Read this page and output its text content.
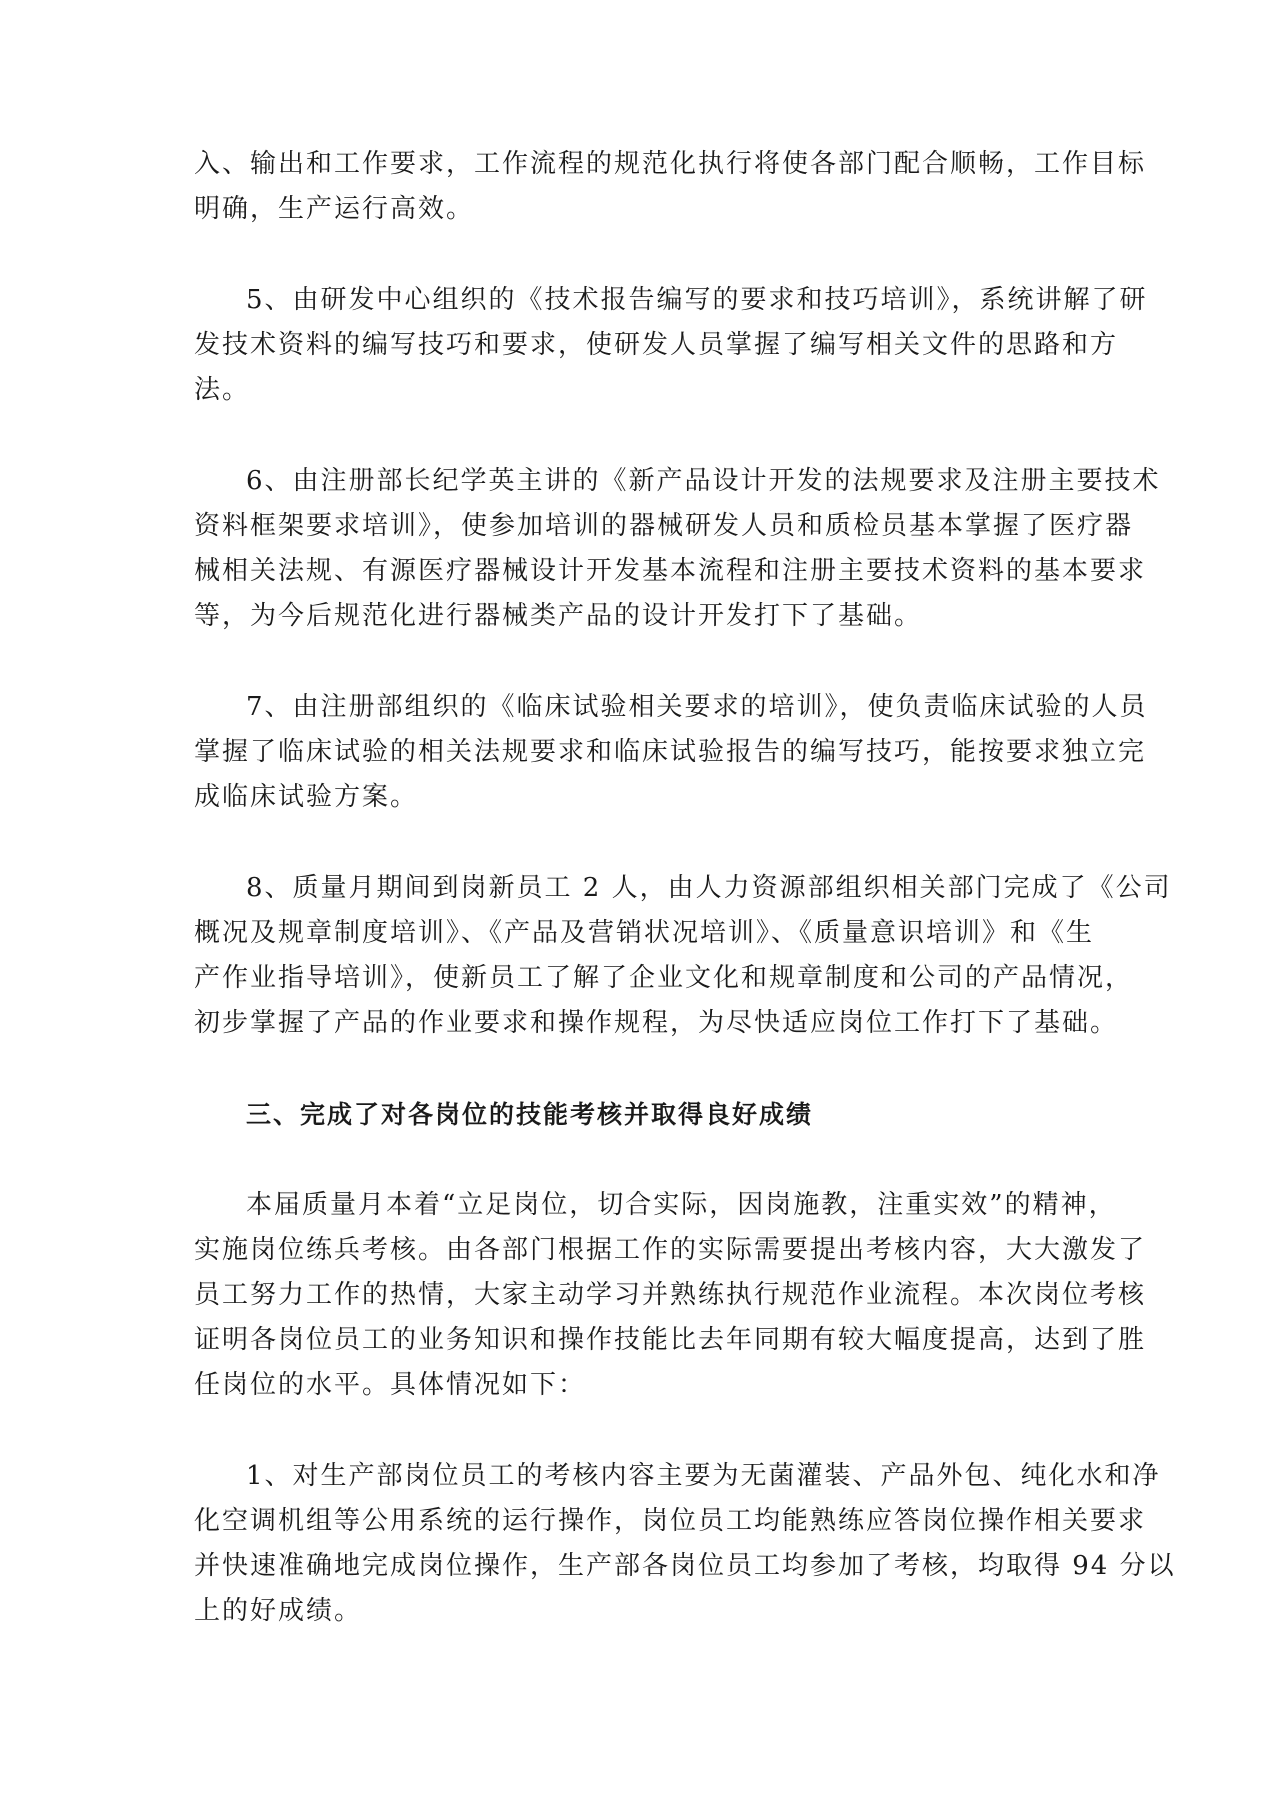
入、输出和工作要求，工作流程的规范化执行将使各部门配合顺畅，工作目标
明确，生产运行高效。

5、由研发中心组织的《技术报告编写的要求和技巧培训》，系统讲解了研
发技术资料的编写技巧和要求，使研发人员掌握了编写相关文件的思路和方
法。

6、由注册部长纪学英主讲的《新产品设计开发的法规要求及注册主要技术
资料框架要求培训》，使参加培训的器械研发人员和质检员基本掌握了医疗器
械相关法规、有源医疗器械设计开发基本流程和注册主要技术资料的基本要求
等，为今后规范化进行器械类产品的设计开发打下了基础。

7、由注册部组织的《临床试验相关要求的培训》，使负责临床试验的人员
掌握了临床试验的相关法规要求和临床试验报告的编写技巧，能按要求独立完
成临床试验方案。

8、质量月期间到岗新员工 2 人，由人力资源部组织相关部门完成了《公司
概况及规章制度培训》、《产品及营销状况培训》、《质量意识培训》和《生
产作业指导培训》，使新员工了解了企业文化和规章制度和公司的产品情况，
初步掌握了产品的作业要求和操作规程，为尽快适应岗位工作打下了基础。

三、完成了对各岗位的技能考核并取得良好成绩

本届质量月本着“立足岗位，切合实际，因岗施教，注重实效”的精神，
实施岗位练兵考核。由各部门根据工作的实际需要提出考核内容，大大激发了
员工努力工作的热情，大家主动学习并熟练执行规范作业流程。本次岗位考核
证明各岗位员工的业务知识和操作技能比去年同期有较大幅度提高，达到了胜
任岗位的水平。具体情况如下：

1、对生产部岗位员工的考核内容主要为无菌灌装、产品外包、纯化水和净
化空调机组等公用系统的运行操作，岗位员工均能熟练应答岗位操作相关要求
并快速准确地完成岗位操作，生产部各岗位员工均参加了考核，均取得 94 分以
上的好成绩。
